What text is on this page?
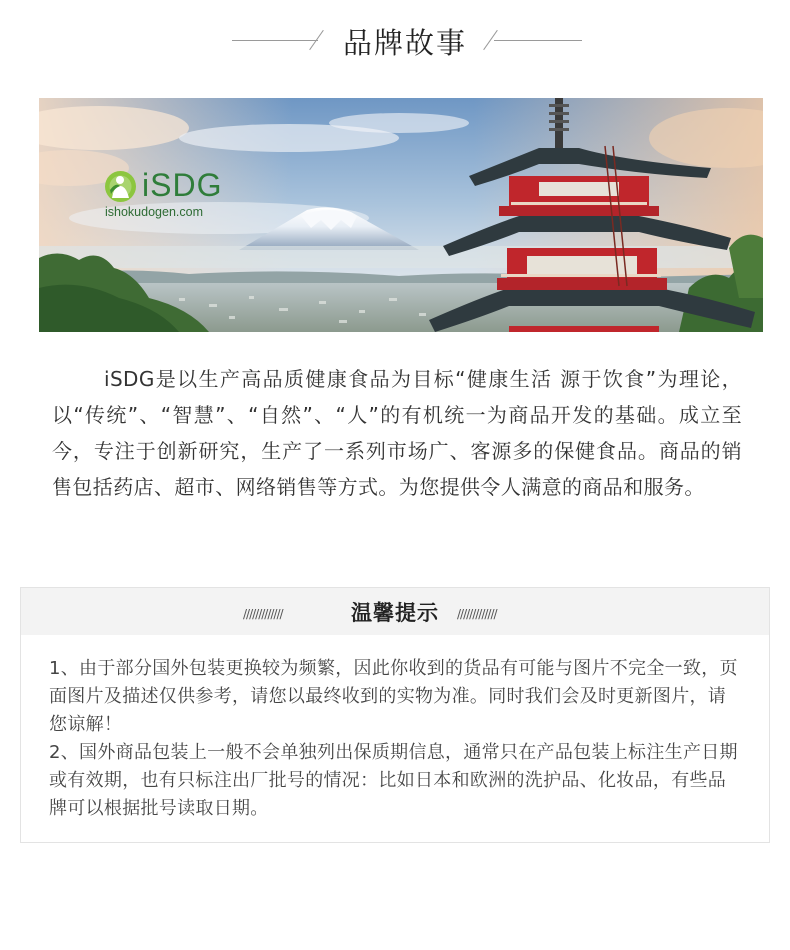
品牌故事
iSDG
ishokudogen.com
iSDG是以生产高品质健康食品为目标“健康生活 源于饮食”为理论，以“传统”、“智慧”、“自然”、“人”的有机统一为商品开发的基础。成立至今，专注于创新研究，生产了一系列市场广、客源多的保健食品。商品的销售包括药店、超市、网络销售等方式。为您提供令人满意的商品和服务。
/////////////	温馨提示	/////////////

1、由于部分国外包装更换较为频繁，因此你收到的货品有可能与图片不完全一致，页面图片及描述仅供参考，请您以最终收到的实物为准。同时我们会及时更新图片，请您谅解！

2、国外商品包装上一般不会单独列出保质期信息，通常只在产品包装上标注生产日期或有效期，也有只标注出厂批号的情况：比如日本和欧洲的洗护品、化妆品，有些品牌可以根据批号读取日期。
